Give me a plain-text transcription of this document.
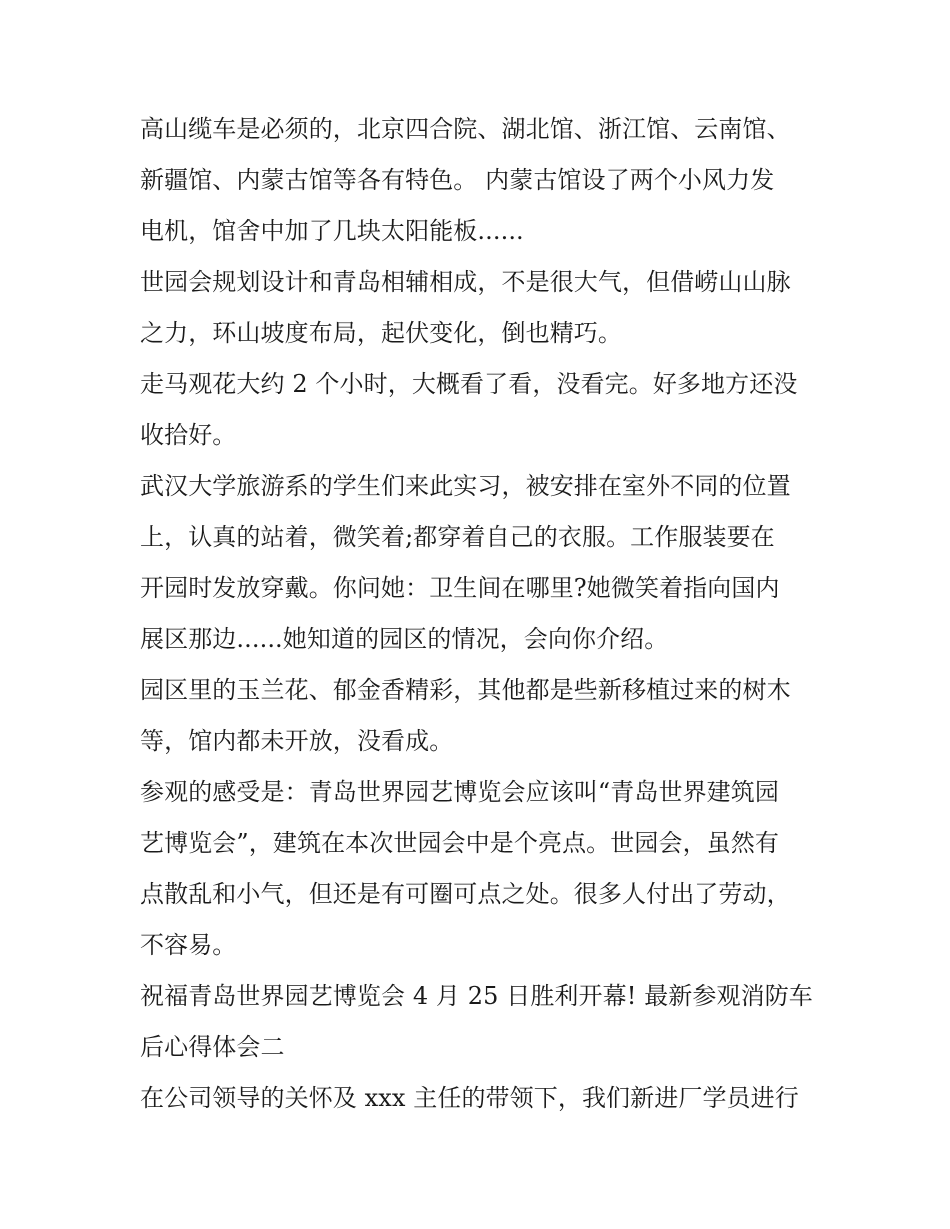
高山缆车是必须的，北京四合院、湖北馆、浙江馆、云南馆、
新疆馆、内蒙古馆等各有特色。 内蒙古馆设了两个小风力发
电机，馆舍中加了几块太阳能板......
世园会规划设计和青岛相辅相成，不是很大气，但借崂山山脉
之力，环山坡度布局，起伏变化，倒也精巧。
走马观花大约 2 个小时，大概看了看，没看完。好多地方还没
收拾好。
武汉大学旅游系的学生们来此实习，被安排在室外不同的位置
上，认真的站着，微笑着;都穿着自己的衣服。工作服装要在
开园时发放穿戴。你问她：卫生间在哪里?她微笑着指向国内
展区那边......她知道的园区的情况，会向你介绍。
园区里的玉兰花、郁金香精彩，其他都是些新移植过来的树木
等，馆内都未开放，没看成。
参观的感受是：青岛世界园艺博览会应该叫“青岛世界建筑园
艺博览会”，建筑在本次世园会中是个亮点。世园会，虽然有
点散乱和小气，但还是有可圈可点之处。很多人付出了劳动，
不容易。
祝福青岛世界园艺博览会 4 月 25 日胜利开幕! 最新参观消防车
后心得体会二
在公司领导的关怀及 xxx 主任的带领下，我们新进厂学员进行
